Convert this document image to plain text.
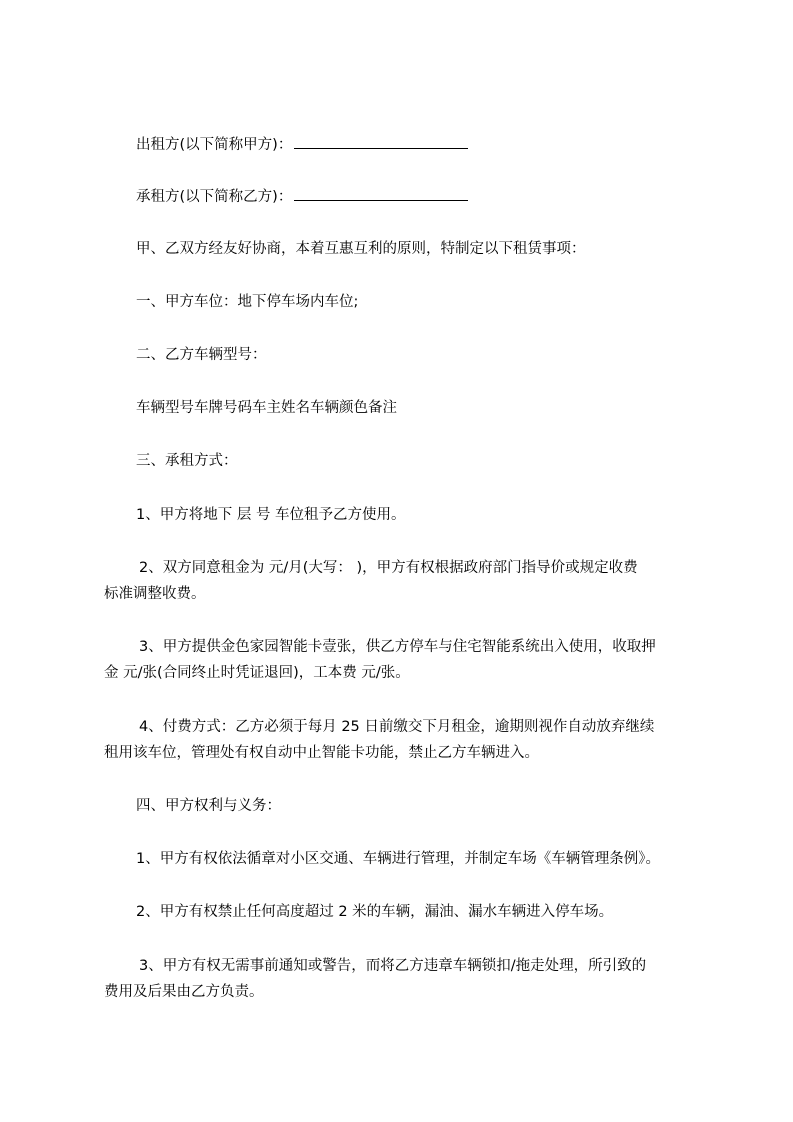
出租方(以下简称甲方)：
承租方(以下简称乙方)：
甲、乙双方经友好协商，本着互惠互利的原则，特制定以下租赁事项：
一、甲方车位：地下停车场内车位;
二、乙方车辆型号：
车辆型号车牌号码车主姓名车辆颜色备注
三、承租方式：
1、甲方将地下 层 号 车位租予乙方使用。
2、双方同意租金为 元/月(大写： )，甲方有权根据政府部门指导价或规定收费
标准调整收费。
3、甲方提供金色家园智能卡壹张，供乙方停车与住宅智能系统出入使用，收取押
金 元/张(合同终止时凭证退回)，工本费 元/张。
4、付费方式：乙方必须于每月 25 日前缴交下月租金，逾期则视作自动放弃继续
租用该车位，管理处有权自动中止智能卡功能，禁止乙方车辆进入。
四、甲方权利与义务：
1、甲方有权依法循章对小区交通、车辆进行管理，并制定车场《车辆管理条例》。
2、甲方有权禁止任何高度超过 2 米的车辆，漏油、漏水车辆进入停车场。
3、甲方有权无需事前通知或警告，而将乙方违章车辆锁扣/拖走处理，所引致的
费用及后果由乙方负责。
